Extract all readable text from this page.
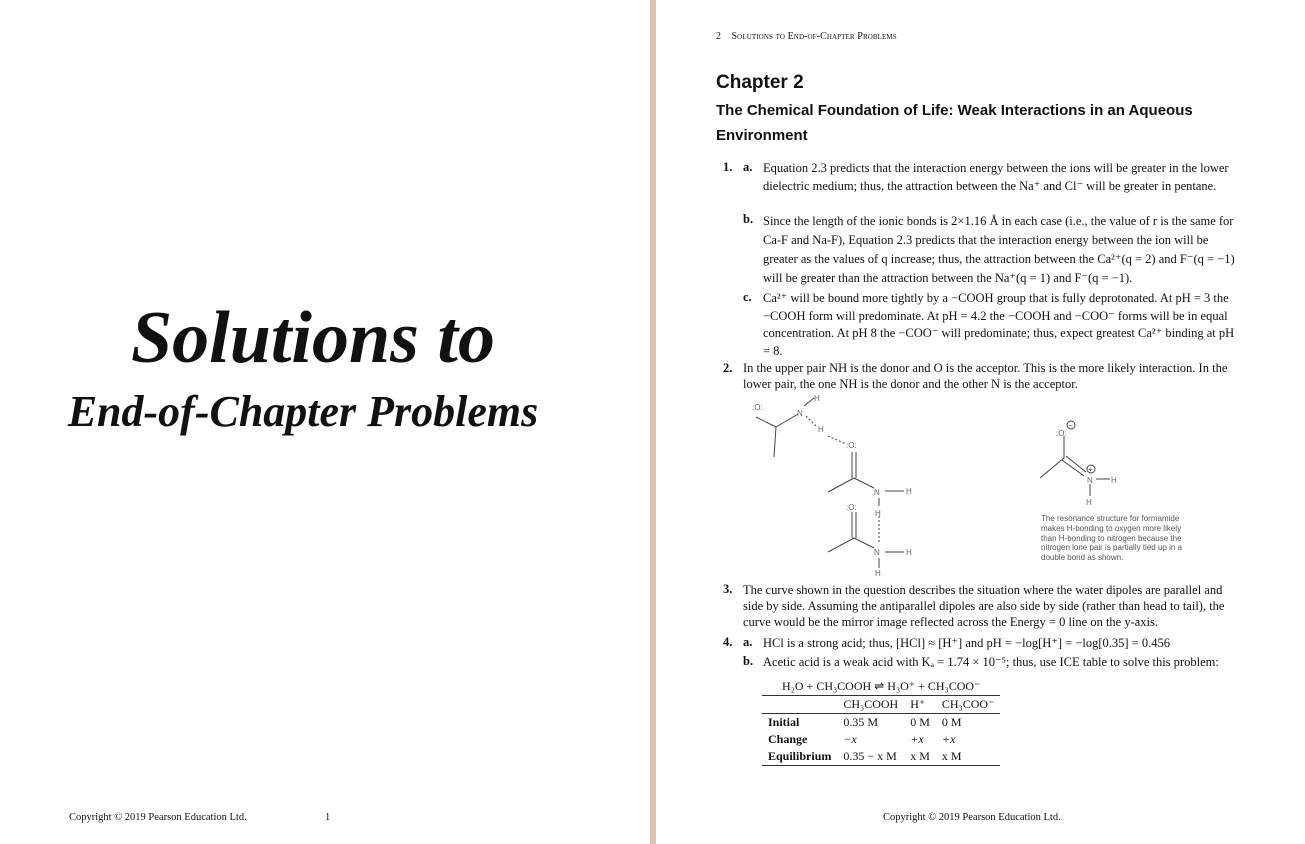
Solutions to
End-of-Chapter Problems
Copyright © 2019 Pearson Education Ltd.	1
2 Solutions to End-of-Chapter Problems
Chapter 2
The Chemical Foundation of Life: Weak Interactions in an Aqueous Environment
1. a. Equation 2.3 predicts that the interaction energy between the ions will be greater in the lower dielectric medium; thus, the attraction between the Na⁺ and Cl⁻ will be greater in pentane.
b. Since the length of the ionic bonds is 2×1.16 Å in each case (i.e., the value of r is the same for Ca-F and Na-F), Equation 2.3 predicts that the interaction energy between the ion will be greater as the values of q increase; thus, the attraction between the Ca²⁺(q = 2) and F⁻(q = −1) will be greater than the attraction between the Na⁺(q = 1) and F⁻(q = −1).
c. Ca²⁺ will be bound more tightly by a −COOH group that is fully deprotonated. At pH = 3 the −COOH form will predominate. At pH = 4.2 the −COOH and −COO⁻ forms will be in equal concentration. At pH 8 the −COO⁻ will predominate; thus, expect greatest Ca²⁺ binding at pH = 8.
2. In the upper pair NH is the donor and O is the acceptor. This is the more likely interaction. In the lower pair, the one NH is the donor and the other N is the acceptor.
:O:
N
H
H
:O:
N	H
H
:O:
N	H
H
:O:
−
+
N H
H
The resonance structure for formamide makes H-bonding to oxygen more likely than H-bonding to nitrogen because the nitrogen lone pair is partially tied up in a double bond as shown.
3. The curve shown in the question describes the situation where the water dipoles are parallel and side by side. Assuming the antiparallel dipoles are also side by side (rather than head to tail), the curve would be the mirror image reflected across the Energy = 0 line on the y-axis.
4. a. HCl is a strong acid; thus, [HCl] ≈ [H⁺] and pH = −log[H⁺] = −log[0.35] = 0.456
b. Acetic acid is a weak acid with Kₐ = 1.74 × 10⁻⁵; thus, use ICE table to solve this problem:
H₂O + CH₃COOH ⇌ H₃O⁺ + CH₃COO⁻			
	CH₃COOH	H⁺	CH₃COO⁻
Initial	0.35 M	0 M	0 M
Change	−x	+x	+x
Equilibrium	0.35 − x M	x M	x M
Copyright © 2019 Pearson Education Ltd.
